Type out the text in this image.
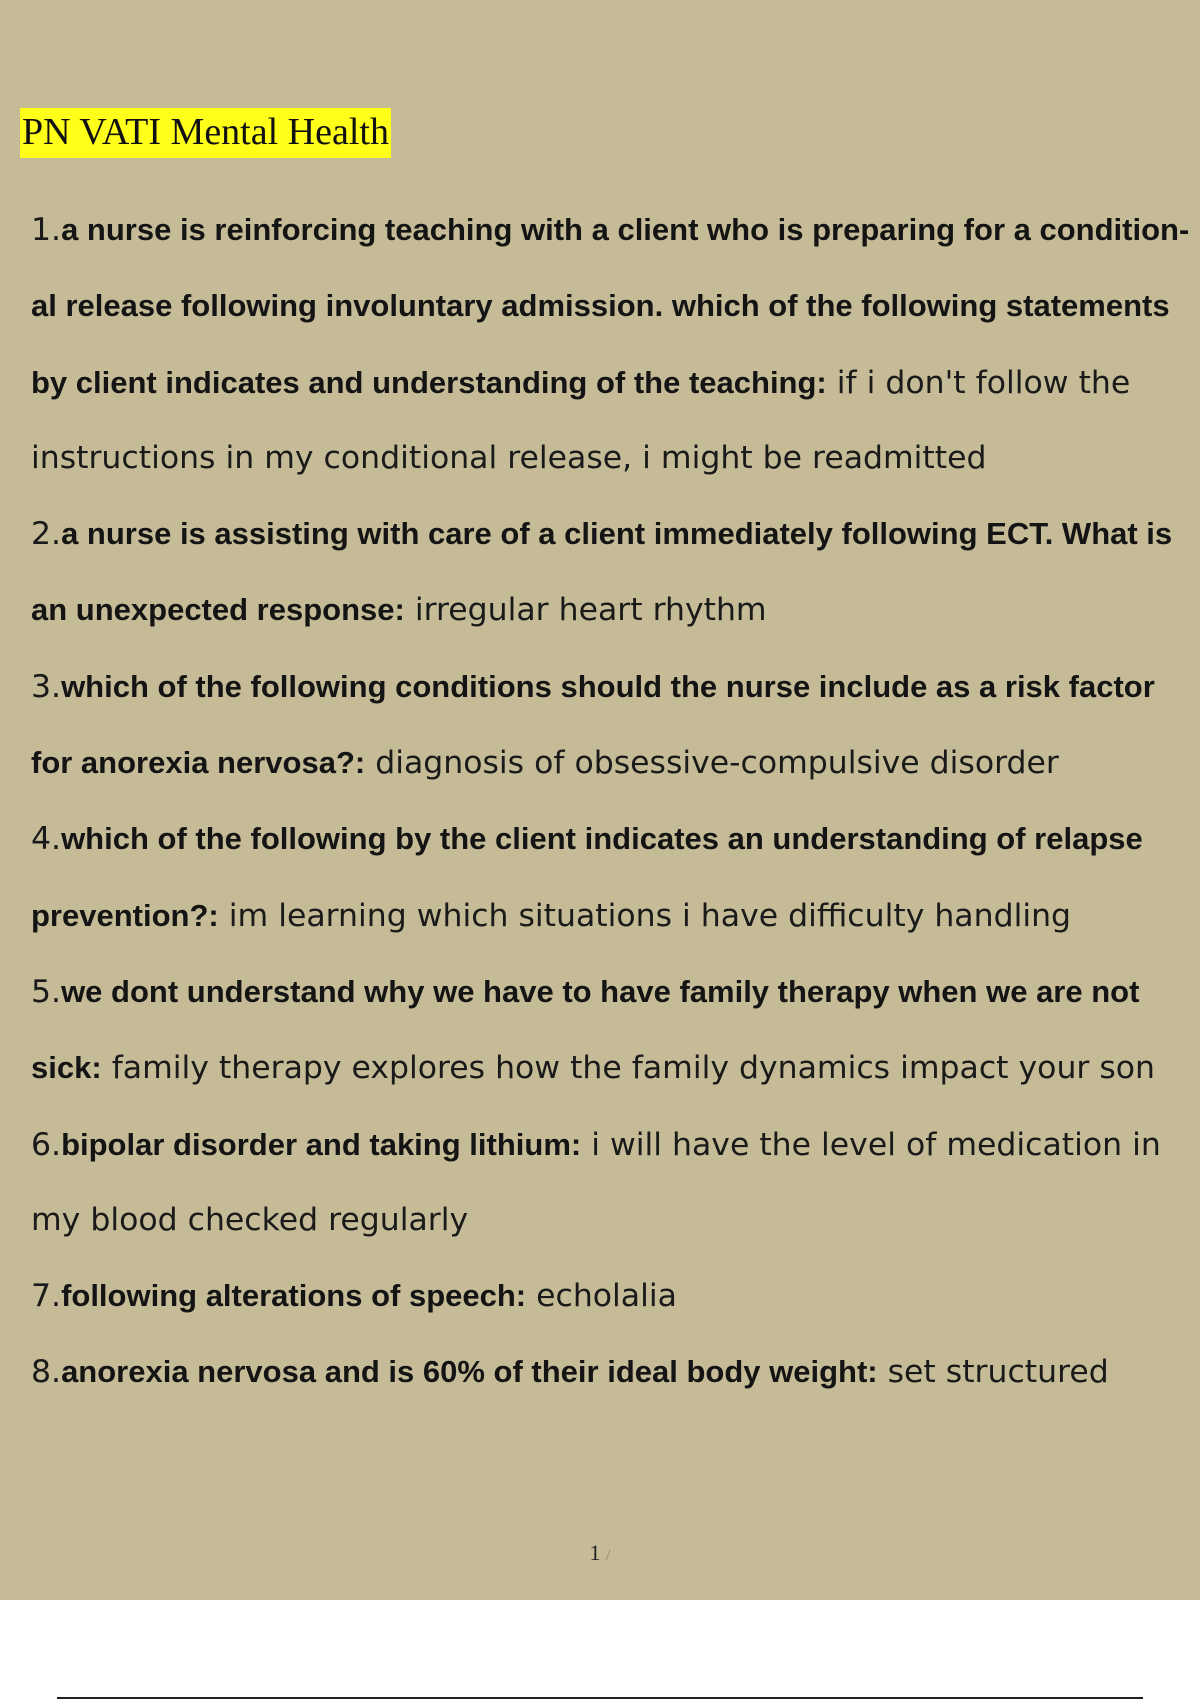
PN VATI Mental Health
1.a nurse is reinforcing teaching with a client who is preparing for a condition- al release following involuntary admission. which of the following statements by client indicates and understanding of the teaching: if i don't follow the instructions in my conditional release, i might be readmitted
2.a nurse is assisting with care of a client immediately following ECT. What is an unexpected response: irregular heart rhythm
3.which of the following conditions should the nurse include as a risk factor for anorexia nervosa?: diagnosis of obsessive-compulsive disorder
4.which of the following by the client indicates an understanding of relapse prevention?: im learning which situations i have difficulty handling
5.we dont understand why we have to have family therapy when we are not sick: family therapy explores how the family dynamics impact your son
6.bipolar disorder and taking lithium: i will have the level of medication in my blood checked regularly
7.following alterations of speech: echolalia
8.anorexia nervosa and is 60% of their ideal body weight: set structured
1 /
